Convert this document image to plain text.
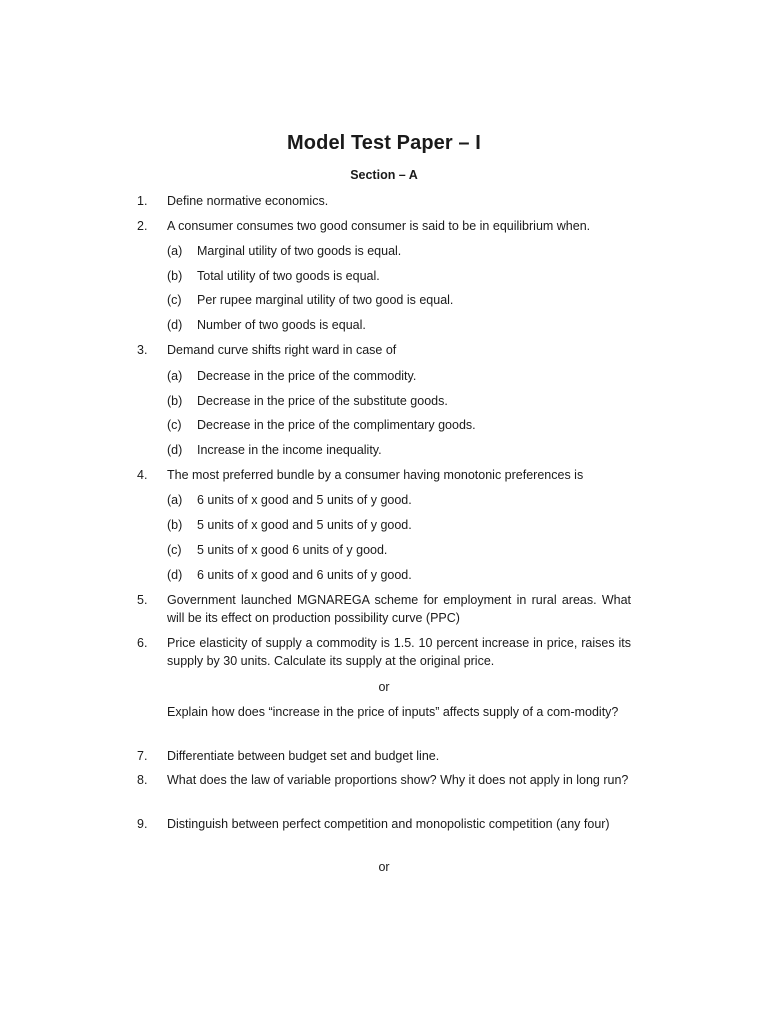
Model Test Paper – I
Section – A
1.	Define normative economics.
2.	A consumer consumes two good consumer is said to be in equilibrium when.
(a)	Marginal utility of two goods is equal.
(b)	Total utility of two goods is equal.
(c)	Per rupee marginal utility of two good is equal.
(d)	Number of two goods is equal.
3.	Demand curve shifts right ward in case of
(a)	Decrease in the price of the commodity.
(b)	Decrease in the price of the substitute goods.
(c)	Decrease in the price of the complimentary goods.
(d)	Increase in the income inequality.
4.	The most preferred bundle by a consumer having monotonic preferences is
(a)	6 units of x good and 5 units of y good.
(b)	5 units of x good and 5 units of y good.
(c)	5 units of x good 6 units of y good.
(d)	6 units of x good and 6 units of y good.
5.	Government launched MGNAREGA scheme for employment in rural areas. What will be its effect on production possibility curve (PPC)
6.	Price elasticity of supply a commodity is 1.5. 10 percent increase in price, raises its supply by 30 units. Calculate its supply at the original price.
or
Explain how does “increase in the price of inputs” affects supply of a com-modity?
7.	Differentiate between budget set and budget line.
8.	What does the law of variable proportions show? Why it does not apply in long run?
9.	Distinguish between perfect competition and monopolistic competition (any four)
or
